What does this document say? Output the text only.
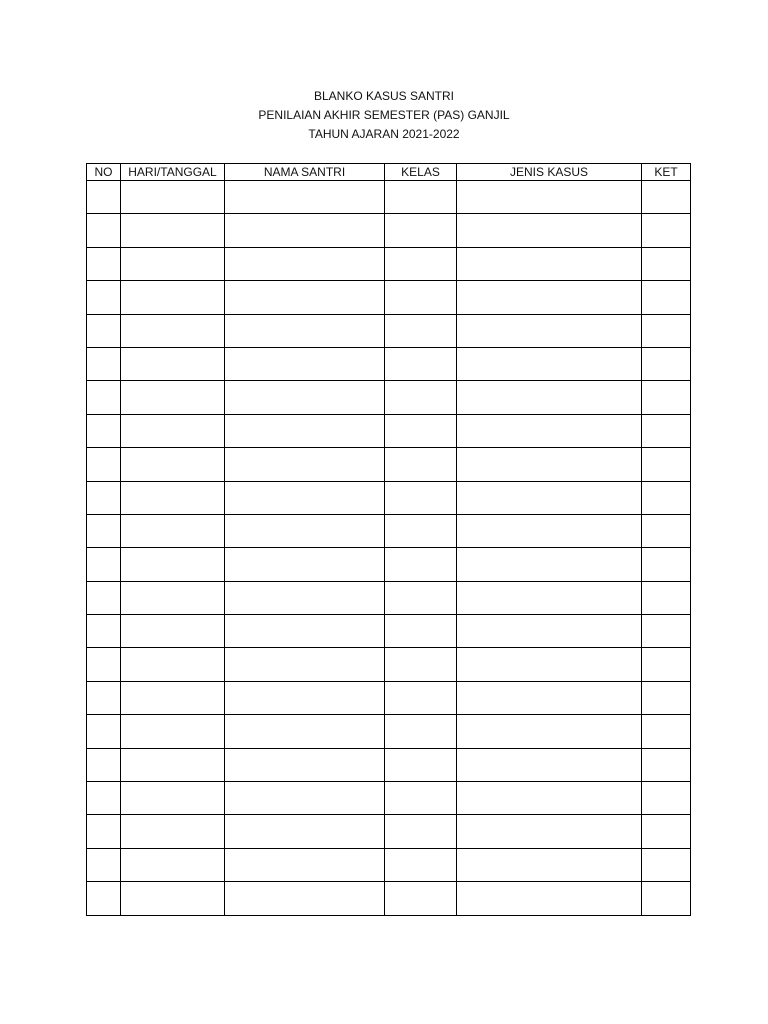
BLANKO KASUS SANTRI
PENILAIAN AKHIR SEMESTER (PAS) GANJIL
TAHUN AJARAN 2021-2022
NO	HARI/TANGGAL	NAMA SANTRI	KELAS	JENIS KASUS	KET
